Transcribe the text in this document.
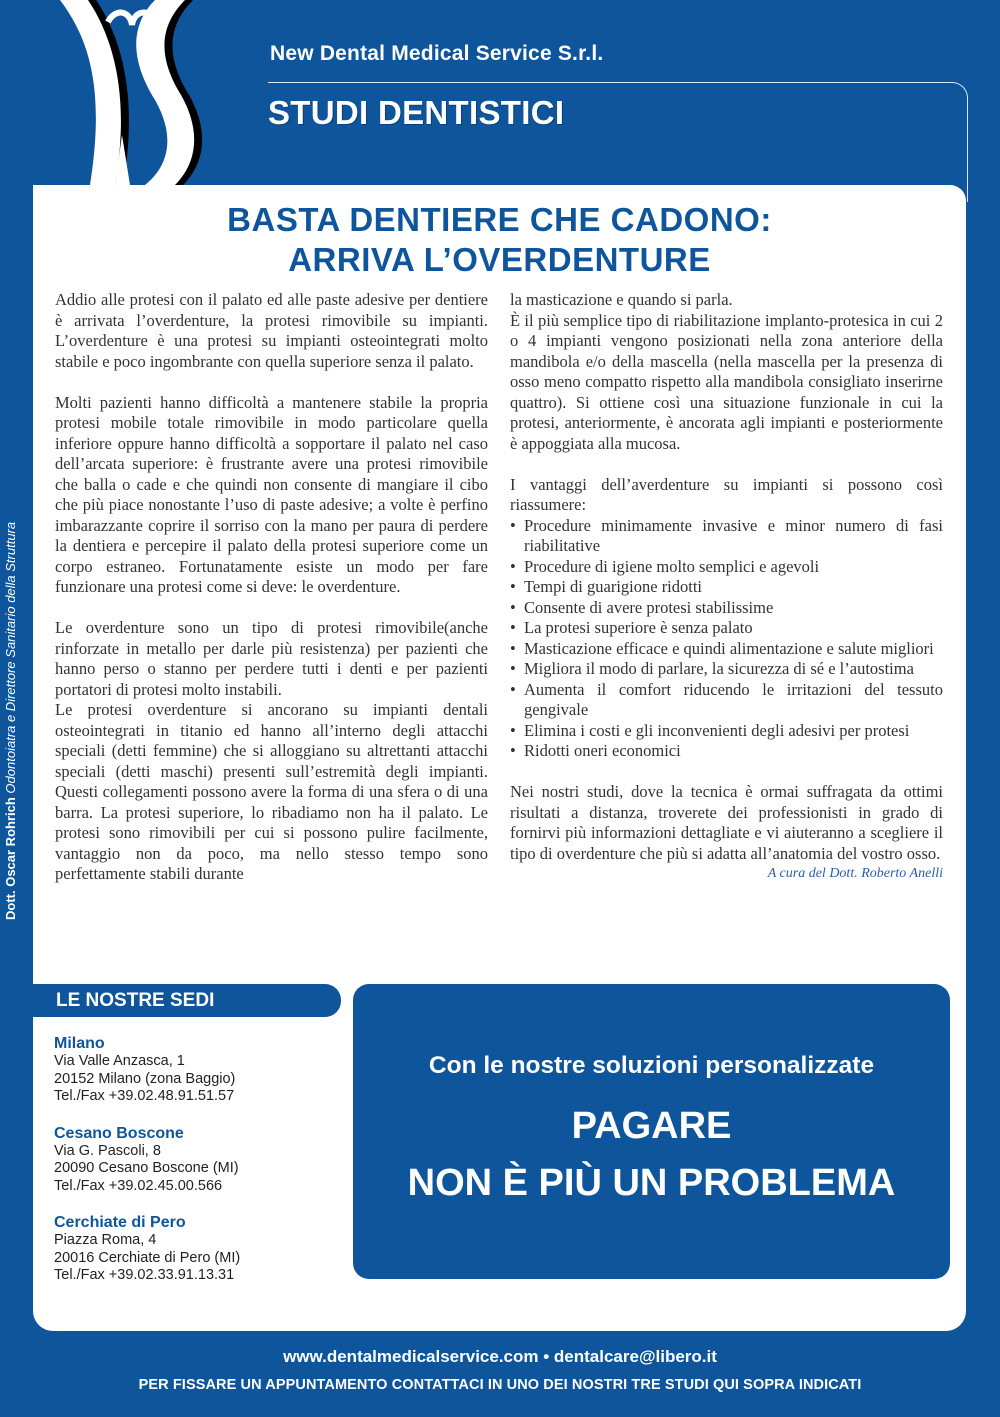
New Dental Medical Service S.r.l.
STUDI DENTISTICI
Dott. Oscar Rohrich Odontoiatra e Direttore Sanitario della Struttura
BASTA DENTIERE CHE CADONO:
ARRIVA L’OVERDENTURE

Addio alle protesi con il palato ed alle paste adesive per dentiere è arrivata l’overdenture, la protesi rimovibile su impianti. L’overdenture è una protesi su impianti osteointegrati molto stabile e poco ingombrante con quella superiore senza il palato.

Molti pazienti hanno difficoltà a mantenere stabile la propria protesi mobile totale rimovibile in modo particolare quella inferiore oppure hanno difficoltà a sopportare il palato nel caso dell’arcata superiore: è frustrante avere una protesi rimovibile che balla o cade e che quindi non consente di mangiare il cibo che più piace nonostante l’uso di paste adesive; a volte è perfino imbarazzante coprire il sorriso con la mano per paura di perdere la dentiera e percepire il palato della protesi superiore come un corpo estraneo. Fortunatamente esiste un modo per fare funzionare una protesi come si deve: le overdenture.

Le overdenture sono un tipo di protesi rimovibile(anche rinforzate in metallo per darle più resistenza) per pazienti che hanno perso o stanno per perdere tutti i denti e per pazienti portatori di protesi molto instabili.

Le protesi overdenture si ancorano su impianti dentali osteointegrati in titanio ed hanno all’interno degli attacchi speciali (detti femmine) che si alloggiano su altrettanti attacchi speciali (detti maschi) presenti sull’estremità degli impianti. Questi collegamenti possono avere la forma di una sfera o di una barra. La protesi superiore, lo ribadiamo non ha il palato. Le protesi sono rimovibili per cui si possono pulire facilmente, vantaggio non da poco, ma nello stesso tempo sono perfettamente stabili durante

la masticazione e quando si parla.

È il più semplice tipo di riabilitazione implanto-protesica in cui 2 o 4 impianti vengono posizionati nella zona anteriore della mandibola e/o della mascella (nella mascella per la presenza di osso meno compatto rispetto alla mandibola consigliato inserirne quattro). Si ottiene così una situazione funzionale in cui la protesi, anteriormente, è ancorata agli impianti e posteriormente è appoggiata alla mucosa.

I vantaggi dell’averdenture su impianti si possono così riassumere:

• Procedure minimamente invasive e minor numero di fasi riabilitative
• Procedure di igiene molto semplici e agevoli
• Tempi di guarigione ridotti
• Consente di avere protesi stabilissime
• La protesi superiore è senza palato
• Masticazione efficace e quindi alimentazione e salute migliori
• Migliora il modo di parlare, la sicurezza di sé e l’autostima
• Aumenta il comfort riducendo le irritazioni del tessuto gengivale
• Elimina i costi e gli inconvenienti degli adesivi per protesi
• Ridotti oneri economici

Nei nostri studi, dove la tecnica è ormai suffragata da ottimi risultati a distanza, troverete dei professionisti in grado di fornirvi più informazioni dettagliate e vi aiuteranno a scegliere il tipo di overdenture che più si adatta all’anatomia del vostro osso.

A cura del Dott. Roberto Anelli

LE NOSTRE SEDI
Milano
Via Valle Anzasca, 1
20152 Milano (zona Baggio)
Tel./Fax +39.02.48.91.51.57
Cesano Boscone
Via G. Pascoli, 8
20090 Cesano Boscone (MI)
Tel./Fax +39.02.45.00.566
Cerchiate di Pero
Piazza Roma, 4
20016 Cerchiate di Pero (MI)
Tel./Fax +39.02.33.91.13.31
Con le nostre soluzioni personalizzate
PAGARE
NON È PIÙ UN PROBLEMA
www.dentalmedicalservice.com • dentalcare@libero.it
PER FISSARE UN APPUNTAMENTO CONTATTACI IN UNO DEI NOSTRI TRE STUDI QUI SOPRA INDICATI
